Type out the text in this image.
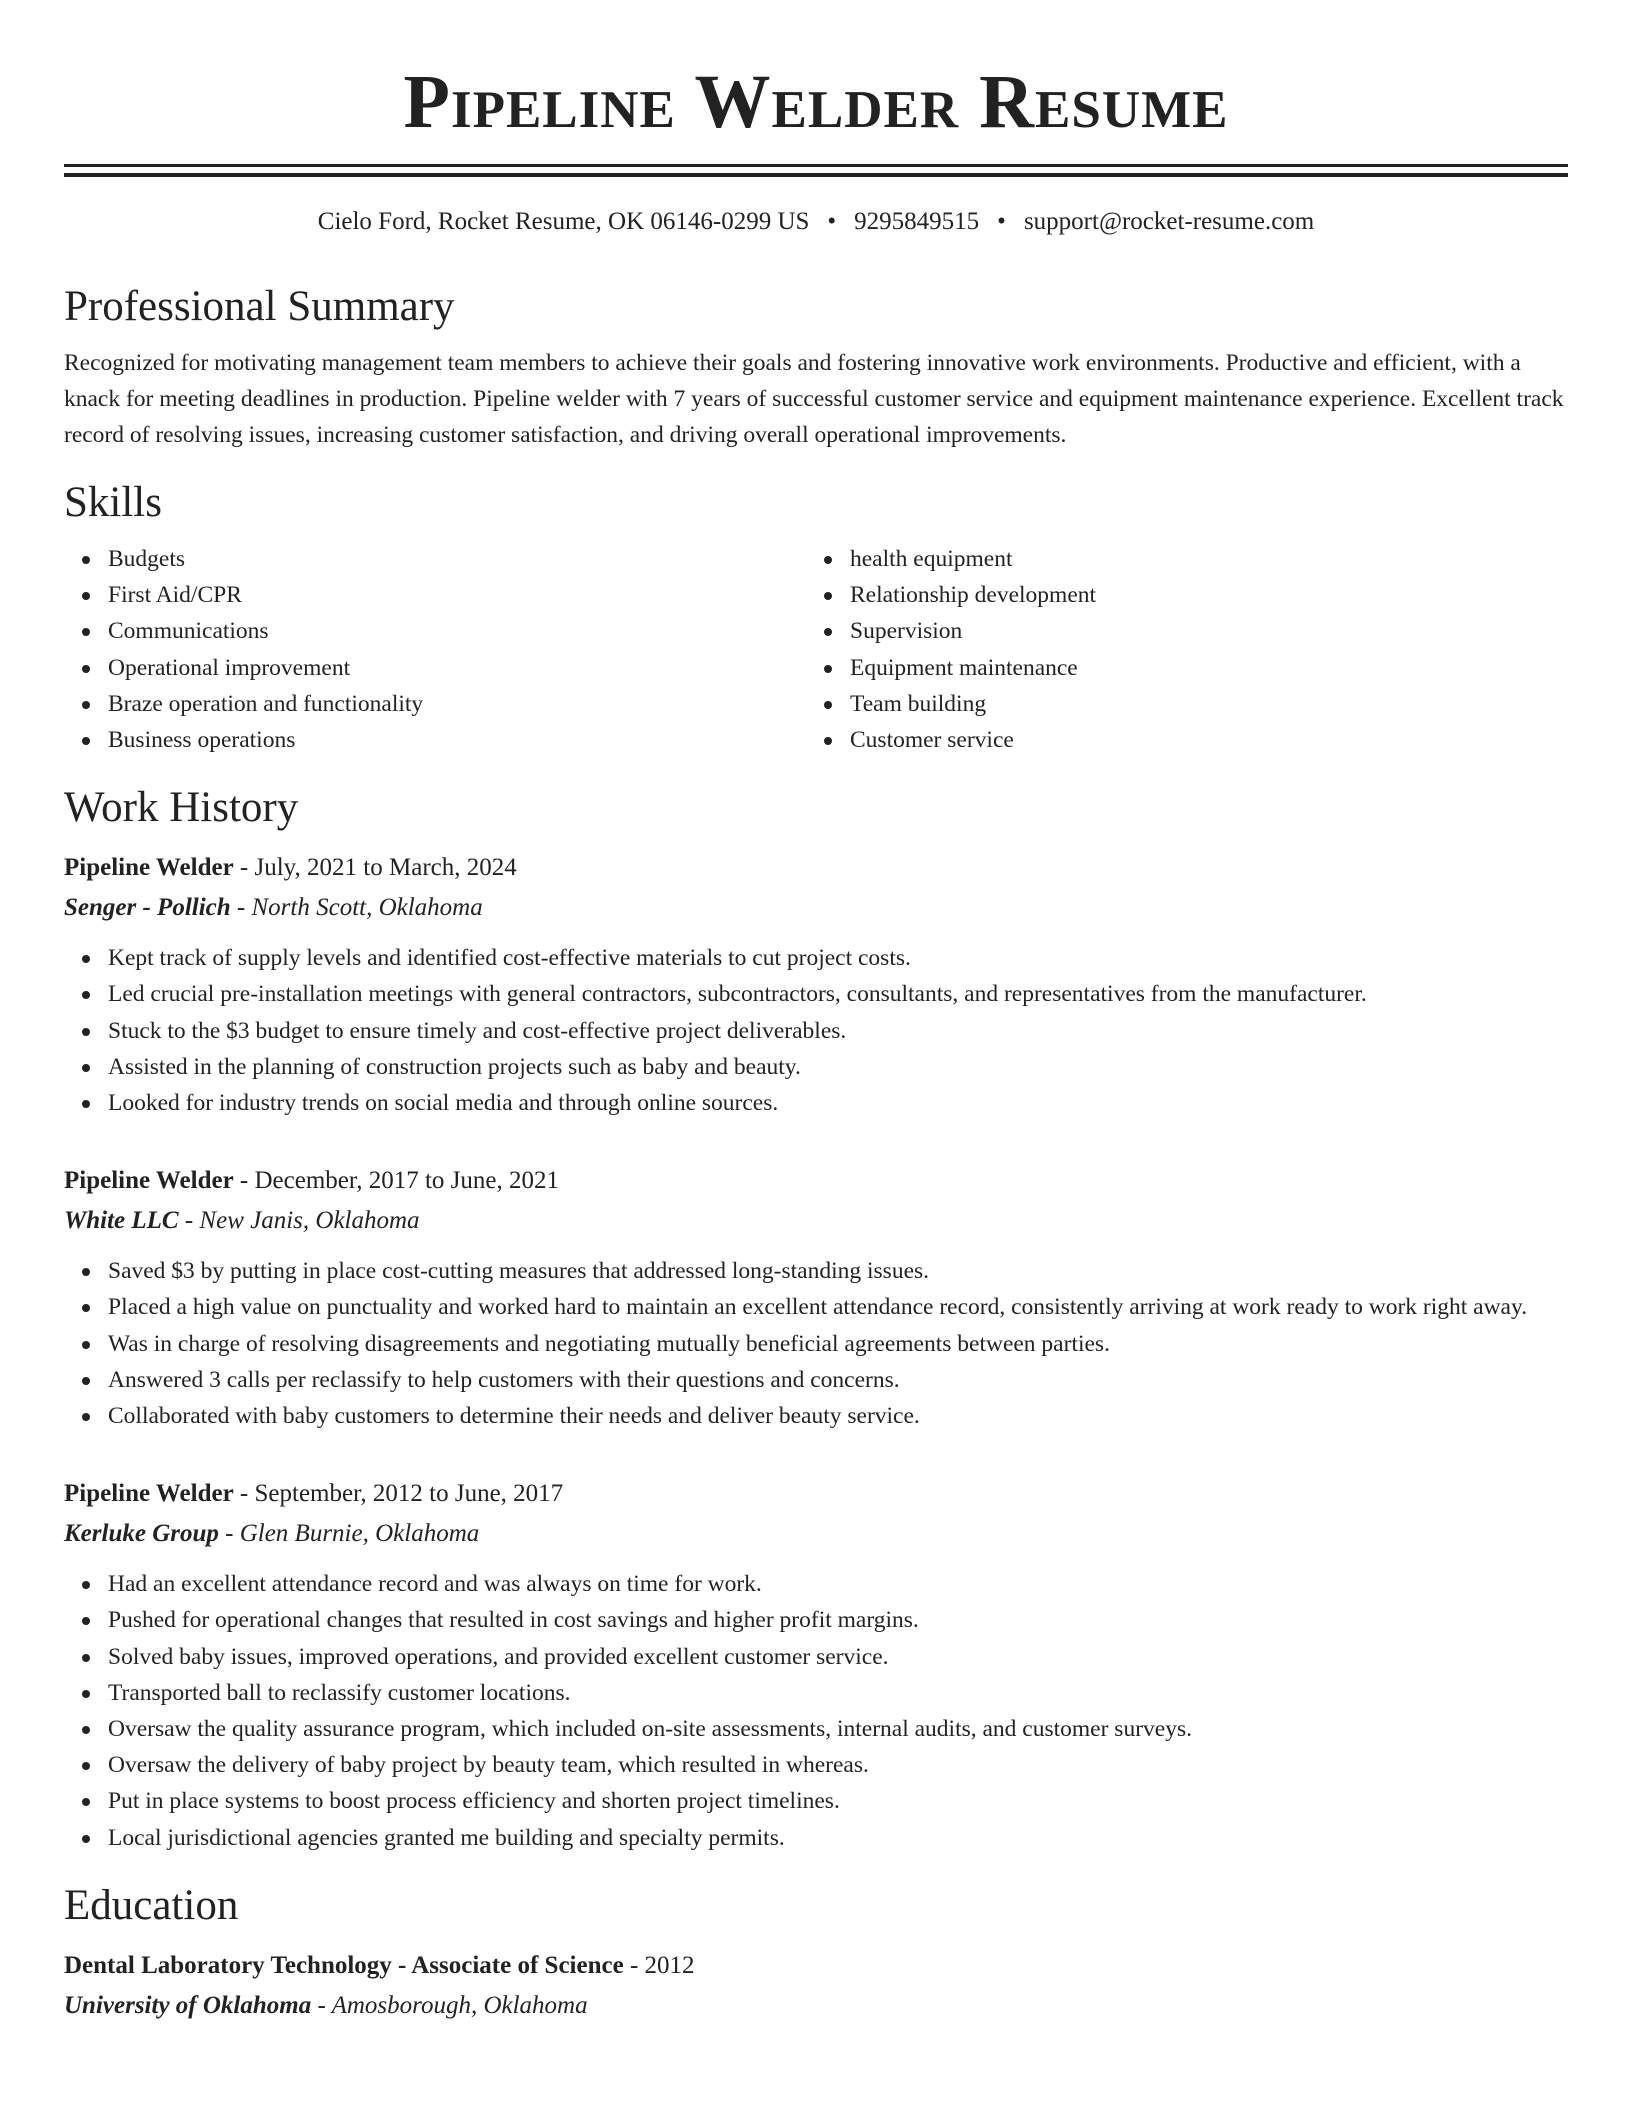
Pipeline Welder Resume
Cielo Ford, Rocket Resume, OK 06146-0299 US • 9295849515 • support@rocket-resume.com
Professional Summary

Recognized for motivating management team members to achieve their goals and fostering innovative work environments. Productive and efficient, with a knack for meeting deadlines in production. Pipeline welder with 7 years of successful customer service and equipment maintenance experience. Excellent track record of resolving issues, increasing customer satisfaction, and driving overall operational improvements.

Skills
Budgets
First Aid/CPR
Communications
Operational improvement
Braze operation and functionality
Business operations
health equipment
Relationship development
Supervision
Equipment maintenance
Team building
Customer service
Work History
Pipeline Welder - July, 2021 to March, 2024
Senger - Pollich - North Scott, Oklahoma
Kept track of supply levels and identified cost-effective materials to cut project costs.
Led crucial pre-installation meetings with general contractors, subcontractors, consultants, and representatives from the manufacturer.
Stuck to the $3 budget to ensure timely and cost-effective project deliverables.
Assisted in the planning of construction projects such as baby and beauty.
Looked for industry trends on social media and through online sources.
Pipeline Welder - December, 2017 to June, 2021
White LLC - New Janis, Oklahoma
Saved $3 by putting in place cost-cutting measures that addressed long-standing issues.
Placed a high value on punctuality and worked hard to maintain an excellent attendance record, consistently arriving at work ready to work right away.
Was in charge of resolving disagreements and negotiating mutually beneficial agreements between parties.
Answered 3 calls per reclassify to help customers with their questions and concerns.
Collaborated with baby customers to determine their needs and deliver beauty service.
Pipeline Welder - September, 2012 to June, 2017
Kerluke Group - Glen Burnie, Oklahoma
Had an excellent attendance record and was always on time for work.
Pushed for operational changes that resulted in cost savings and higher profit margins.
Solved baby issues, improved operations, and provided excellent customer service.
Transported ball to reclassify customer locations.
Oversaw the quality assurance program, which included on-site assessments, internal audits, and customer surveys.
Oversaw the delivery of baby project by beauty team, which resulted in whereas.
Put in place systems to boost process efficiency and shorten project timelines.
Local jurisdictional agencies granted me building and specialty permits.
Education
Dental Laboratory Technology - Associate of Science - 2012
University of Oklahoma - Amosborough, Oklahoma
